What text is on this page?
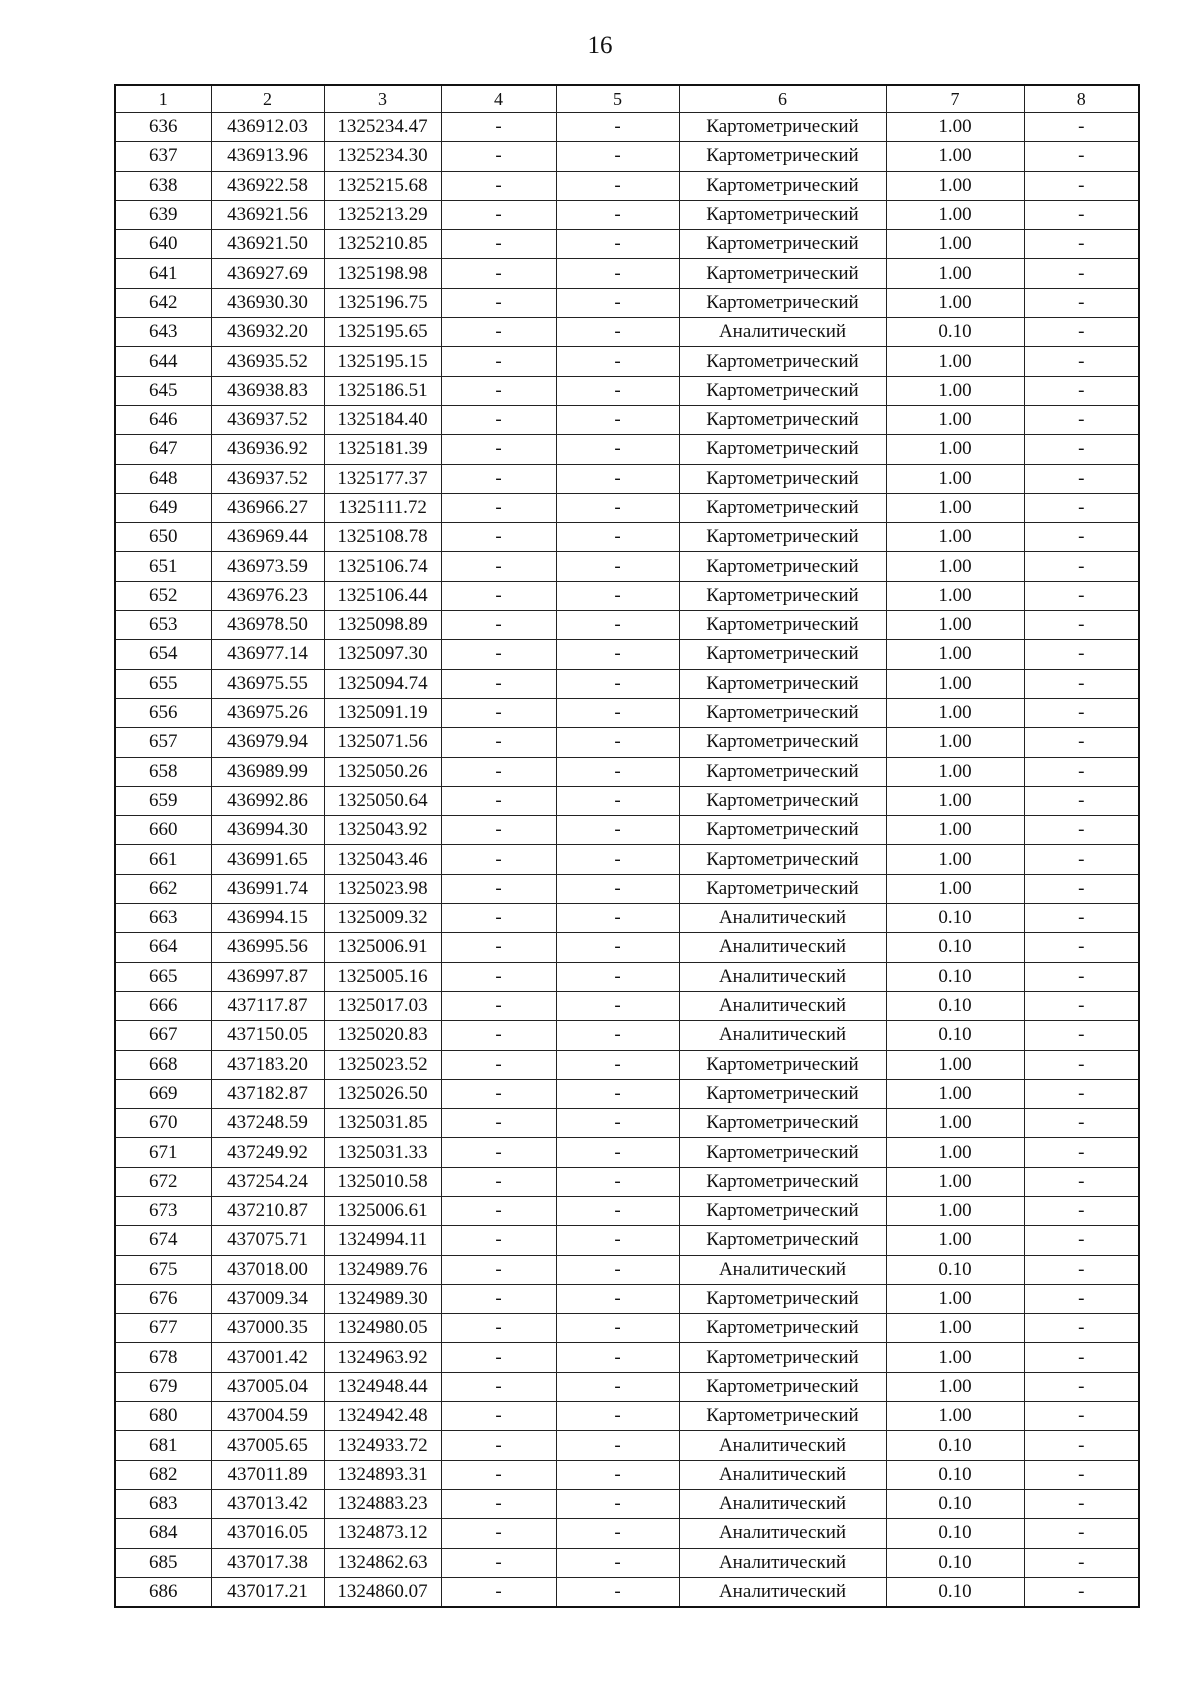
16
1	2	3	4	5	6	7	8
636	436912.03	1325234.47	-	-	Картометрический	1.00	-
637	436913.96	1325234.30	-	-	Картометрический	1.00	-
638	436922.58	1325215.68	-	-	Картометрический	1.00	-
639	436921.56	1325213.29	-	-	Картометрический	1.00	-
640	436921.50	1325210.85	-	-	Картометрический	1.00	-
641	436927.69	1325198.98	-	-	Картометрический	1.00	-
642	436930.30	1325196.75	-	-	Картометрический	1.00	-
643	436932.20	1325195.65	-	-	Аналитический	0.10	-
644	436935.52	1325195.15	-	-	Картометрический	1.00	-
645	436938.83	1325186.51	-	-	Картометрический	1.00	-
646	436937.52	1325184.40	-	-	Картометрический	1.00	-
647	436936.92	1325181.39	-	-	Картометрический	1.00	-
648	436937.52	1325177.37	-	-	Картометрический	1.00	-
649	436966.27	1325111.72	-	-	Картометрический	1.00	-
650	436969.44	1325108.78	-	-	Картометрический	1.00	-
651	436973.59	1325106.74	-	-	Картометрический	1.00	-
652	436976.23	1325106.44	-	-	Картометрический	1.00	-
653	436978.50	1325098.89	-	-	Картометрический	1.00	-
654	436977.14	1325097.30	-	-	Картометрический	1.00	-
655	436975.55	1325094.74	-	-	Картометрический	1.00	-
656	436975.26	1325091.19	-	-	Картометрический	1.00	-
657	436979.94	1325071.56	-	-	Картометрический	1.00	-
658	436989.99	1325050.26	-	-	Картометрический	1.00	-
659	436992.86	1325050.64	-	-	Картометрический	1.00	-
660	436994.30	1325043.92	-	-	Картометрический	1.00	-
661	436991.65	1325043.46	-	-	Картометрический	1.00	-
662	436991.74	1325023.98	-	-	Картометрический	1.00	-
663	436994.15	1325009.32	-	-	Аналитический	0.10	-
664	436995.56	1325006.91	-	-	Аналитический	0.10	-
665	436997.87	1325005.16	-	-	Аналитический	0.10	-
666	437117.87	1325017.03	-	-	Аналитический	0.10	-
667	437150.05	1325020.83	-	-	Аналитический	0.10	-
668	437183.20	1325023.52	-	-	Картометрический	1.00	-
669	437182.87	1325026.50	-	-	Картометрический	1.00	-
670	437248.59	1325031.85	-	-	Картометрический	1.00	-
671	437249.92	1325031.33	-	-	Картометрический	1.00	-
672	437254.24	1325010.58	-	-	Картометрический	1.00	-
673	437210.87	1325006.61	-	-	Картометрический	1.00	-
674	437075.71	1324994.11	-	-	Картометрический	1.00	-
675	437018.00	1324989.76	-	-	Аналитический	0.10	-
676	437009.34	1324989.30	-	-	Картометрический	1.00	-
677	437000.35	1324980.05	-	-	Картометрический	1.00	-
678	437001.42	1324963.92	-	-	Картометрический	1.00	-
679	437005.04	1324948.44	-	-	Картометрический	1.00	-
680	437004.59	1324942.48	-	-	Картометрический	1.00	-
681	437005.65	1324933.72	-	-	Аналитический	0.10	-
682	437011.89	1324893.31	-	-	Аналитический	0.10	-
683	437013.42	1324883.23	-	-	Аналитический	0.10	-
684	437016.05	1324873.12	-	-	Аналитический	0.10	-
685	437017.38	1324862.63	-	-	Аналитический	0.10	-
686	437017.21	1324860.07	-	-	Аналитический	0.10	-
